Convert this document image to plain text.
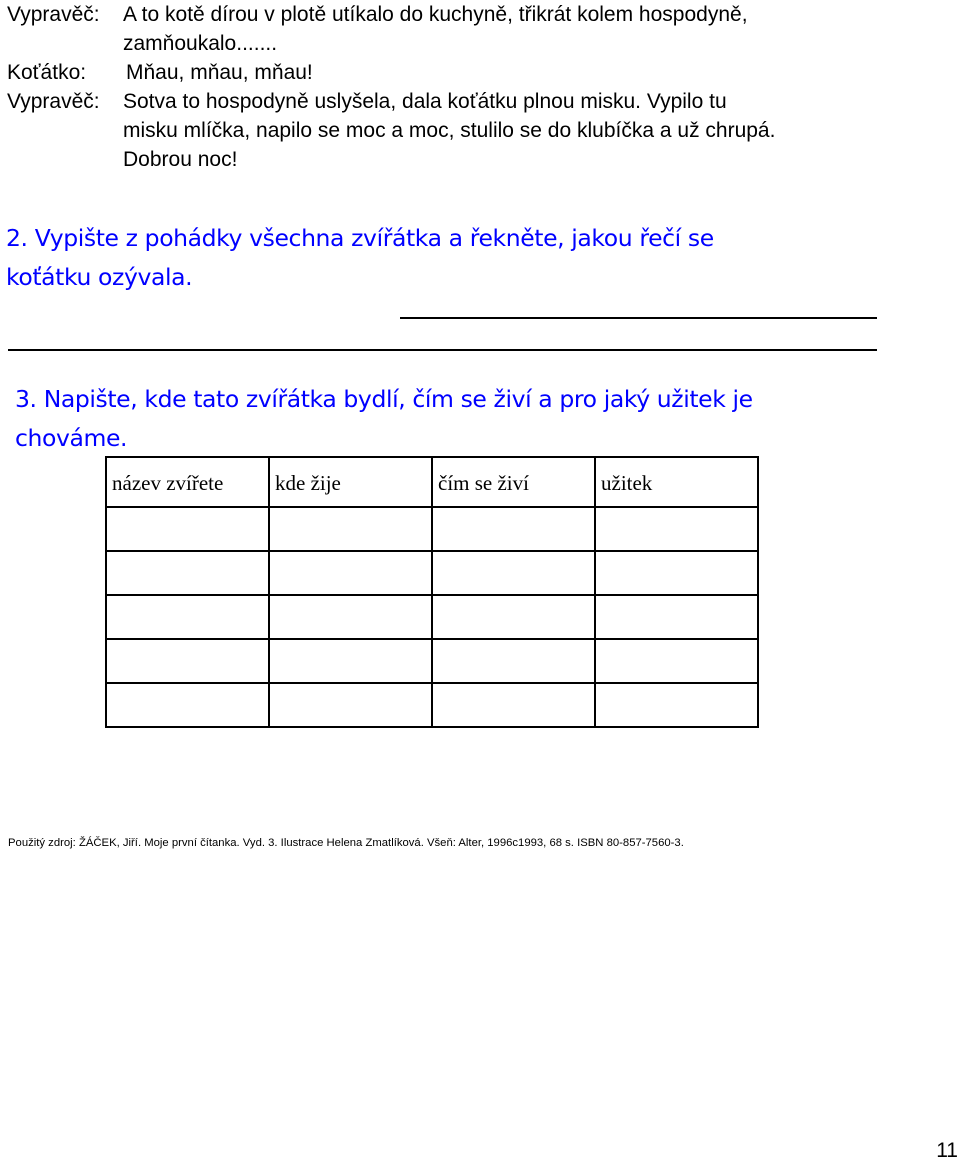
Vypravěč: A to kotě dírou v plotě utíkalo do kuchyně, třikrát kolem hospodyně,
zamňoukalo.......
Koťátko: Mňau, mňau, mňau!
Vypravěč: Sotva to hospodyně uslyšela, dala koťátku plnou misku. Vypilo tu
misku mlíčka, napilo se moc a moc, stulilo se do klubíčka a už chrupá.
Dobrou noc!
2. Vypište z pohádky všechna zvířátka a řekněte, jakou řečí se
koťátku ozývala.
3. Napište, kde tato zvířátka bydlí, čím se živí a pro jaký užitek je
chováme.
název zvířete	kde žije	čím se živí	užitek

Použitý zdroj: ŽÁČEK, Jiří. Moje první čítanka. Vyd. 3. Ilustrace Helena Zmatlíková. Všeň: Alter, 1996c1993, 68 s. ISBN 80-857-7560-3.
11
